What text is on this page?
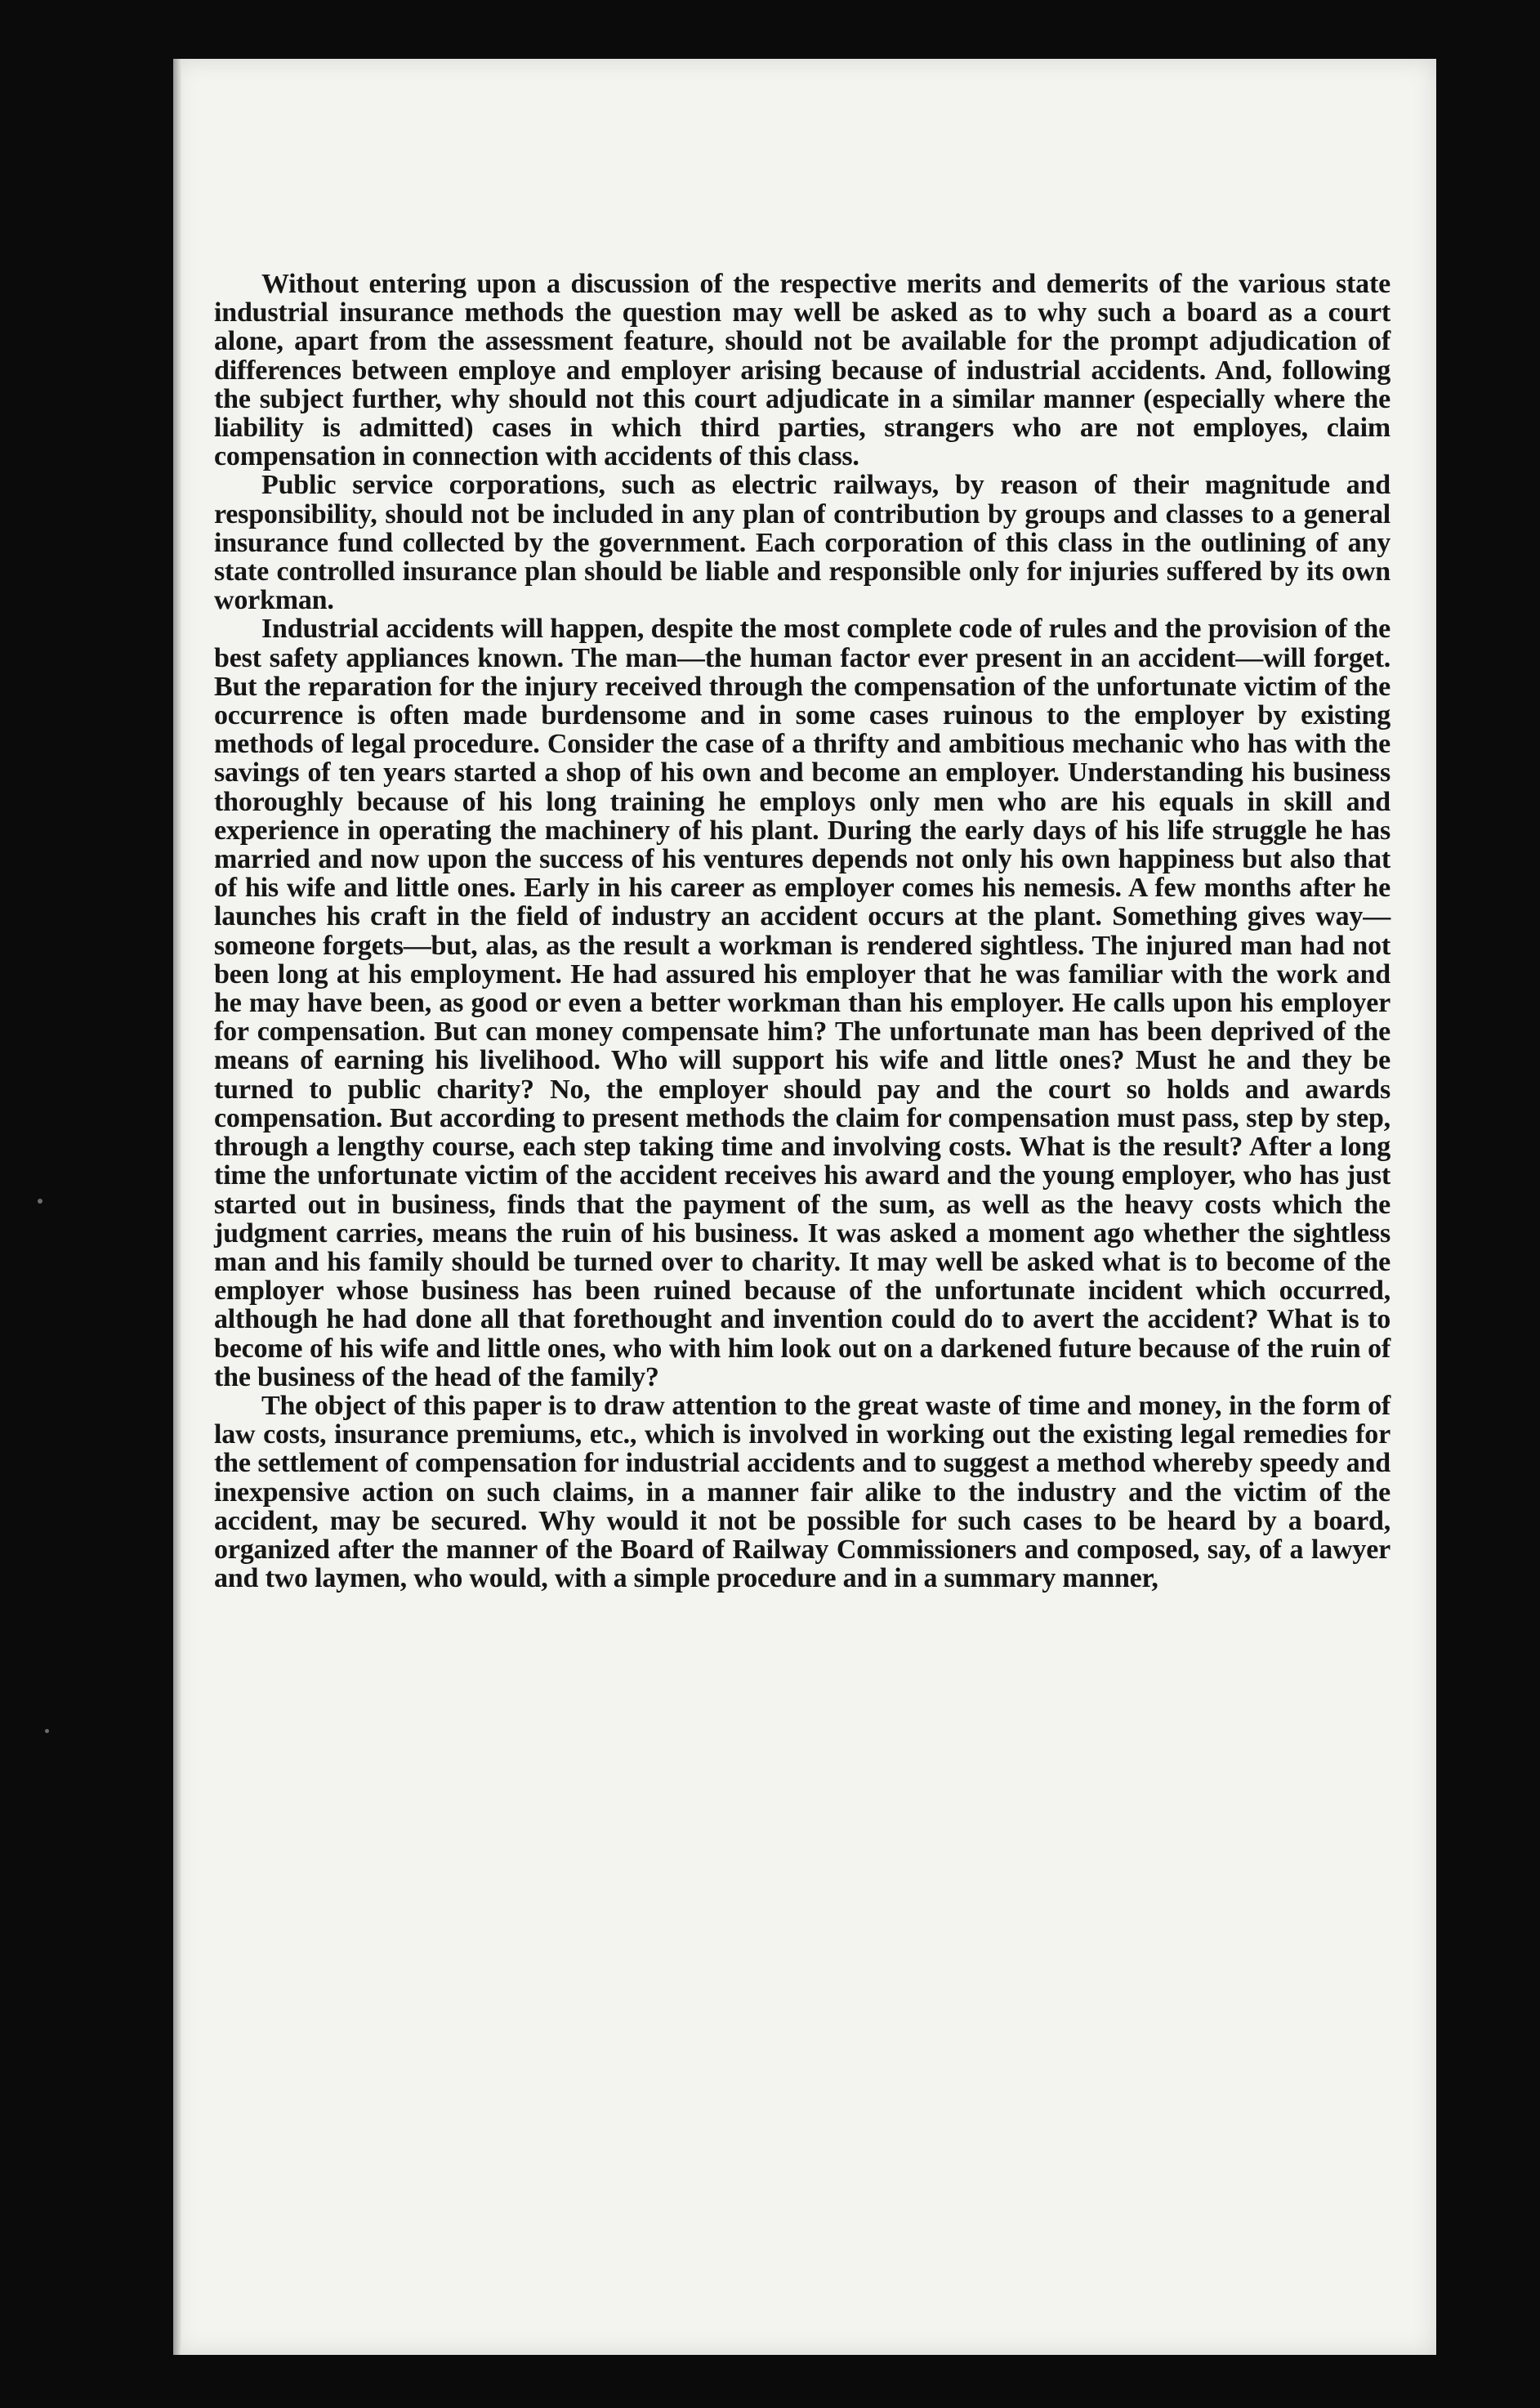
Without entering upon a discussion of the respective merits and demerits of the various state industrial insurance methods the question may well be asked as to why such a board as a court alone, apart from the assessment feature, should not be available for the prompt adjudication of differences between employe and employer arising because of industrial accidents. And, following the subject further, why should not this court adjudicate in a similar manner (especially where the liability is admitted) cases in which third parties, strangers who are not employes, claim compensation in connection with accidents of this class.

Public service corporations, such as electric railways, by reason of their magnitude and responsibility, should not be included in any plan of contribution by groups and classes to a general insurance fund collected by the government. Each corporation of this class in the outlining of any state controlled insurance plan should be liable and responsible only for injuries suffered by its own workman.

Industrial accidents will happen, despite the most complete code of rules and the provision of the best safety appliances known. The man—the human factor ever present in an accident—will forget. But the reparation for the injury received through the compensation of the unfortunate victim of the occurrence is often made burdensome and in some cases ruinous to the employer by existing methods of legal procedure. Consider the case of a thrifty and ambitious mechanic who has with the savings of ten years started a shop of his own and become an employer. Understanding his business thoroughly because of his long training he employs only men who are his equals in skill and experience in operating the machinery of his plant. During the early days of his life struggle he has married and now upon the success of his ventures depends not only his own happiness but also that of his wife and little ones. Early in his career as employer comes his nemesis. A few months after he launches his craft in the field of industry an accident occurs at the plant. Something gives way—someone forgets—but, alas, as the result a workman is rendered sightless. The injured man had not been long at his employment. He had assured his employer that he was familiar with the work and he may have been, as good or even a better workman than his employer. He calls upon his employer for compensation. But can money compensate him? The unfortunate man has been deprived of the means of earning his livelihood. Who will support his wife and little ones? Must he and they be turned to public charity? No, the employer should pay and the court so holds and awards compensation. But according to present methods the claim for compensation must pass, step by step, through a lengthy course, each step taking time and involving costs. What is the result? After a long time the unfortunate victim of the accident receives his award and the young employer, who has just started out in business, finds that the payment of the sum, as well as the heavy costs which the judgment carries, means the ruin of his business. It was asked a moment ago whether the sightless man and his family should be turned over to charity. It may well be asked what is to become of the employer whose business has been ruined because of the unfortunate incident which occurred, although he had done all that forethought and invention could do to avert the accident? What is to become of his wife and little ones, who with him look out on a darkened future because of the ruin of the business of the head of the family?

The object of this paper is to draw attention to the great waste of time and money, in the form of law costs, insurance premiums, etc., which is involved in working out the existing legal remedies for the settlement of compensation for industrial accidents and to suggest a method whereby speedy and inexpensive action on such claims, in a manner fair alike to the industry and the victim of the accident, may be secured. Why would it not be possible for such cases to be heard by a board, organized after the manner of the Board of Railway Commissioners and composed, say, of a lawyer and two laymen, who would, with a simple procedure and in a summary manner,
